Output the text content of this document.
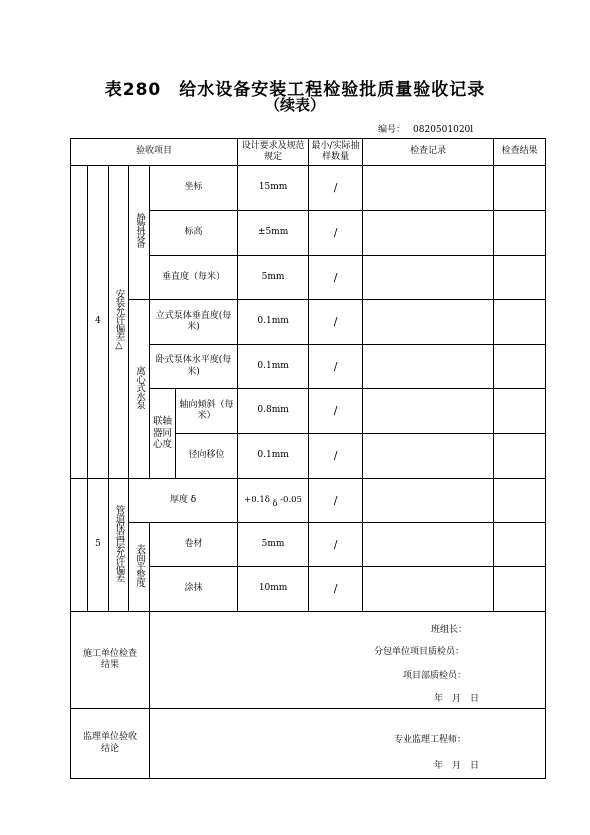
表280　给水设备安装工程检验批质量验收记录
（续表）
编号： 0820501020l
验收项目						设计要求及规范规定	最小/实际抽样数量	检查记录	检查结果
	4	安装允许偏差△	静置设备	坐标		15mm	/		
				标高		±5mm	/		
				垂直度（每米）		5mm	/		
			离心式水泵	立式泵体垂直度(每米)		0.1mm	/		
				卧式泵体水平度(每米)		0.1mm	/		
				联轴器同心度	轴向倾斜（每米）	0.8mm	/		
					径向移位	0.1mm	/		
	5	管道保温层允许偏差	厚度 δ			+0.1δ δ -0.05	/		
			表面平整度	卷材		5mm	/		
				涂抹		10mm	/		
施工单位检查结果				班组长：
分包单位项目质检员：
项目部质检员：
年　月　日					

监理单位验收结论				专业监理工程师：
年　月　日					
